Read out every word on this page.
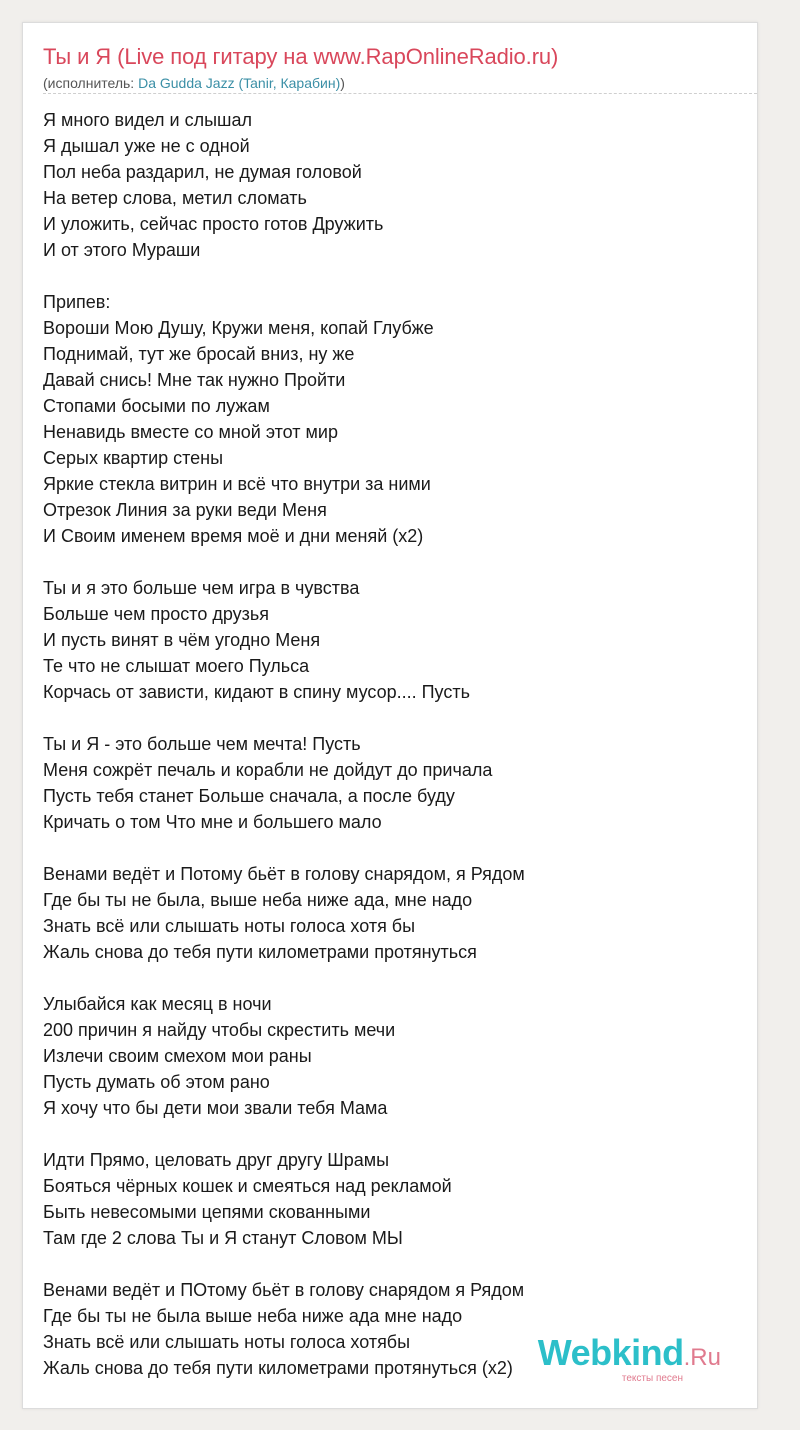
Ты и Я (Live под гитару на www.RapOnlineRadio.ru)
(исполнитель: Da Gudda Jazz (Tanir, Карабин))
Я много видел и слышал
Я дышал уже не с одной
Пол неба раздарил, не думая головой
На ветер слова, метил сломать
И уложить, сейчас просто готов Дружить
И от этого Мураши
Припев:
Вороши Мою Душу, Кружи меня, копай Глубже
Поднимай, тут же бросай вниз, ну же
Давай снись! Мне так нужно Пройти
Стопами босыми по лужам
Ненавидь вместе со мной этот мир
Серых квартир стены
Яркие стекла витрин и всё что внутри за ними
Отрезок Линия за руки веди Меня
И Своим именем время моё и дни меняй (x2)
Ты и я это больше чем игра в чувства
Больше чем просто друзья
И пусть винят в чём угодно Меня
Те что не слышат моего Пульса
Корчась от зависти, кидают в спину мусор.... Пусть
Ты и Я - это больше чем мечта! Пусть
Меня сожрёт печаль и корабли не дойдут до причала
Пусть тебя станет Больше сначала, а после буду
Кричать о том Что мне и большего мало
Венами ведёт и Потому бьёт в голову снарядом, я Рядом
Где бы ты не была, выше неба ниже ада, мне надо
Знать всё или слышать ноты голоса хотя бы
Жаль снова до тебя пути километрами протянуться
Улыбайся как месяц в ночи
200 причин я найду чтобы скрестить мечи
Излечи своим смехом мои раны
Пусть думать об этом рано
Я хочу что бы дети мои звали тебя Мама
Идти Прямо, целовать друг другу Шрамы
Бояться чёрных кошек и смеяться над рекламой
Быть невесомыми цепями скованными
Там где 2 слова Ты и Я станут Словом МЫ
Венами ведёт и ПОтому бьёт в голову снарядом я Рядом
Где бы ты не была выше неба ниже ада мне надо
Знать всё или слышать ноты голоса хотябы
Жаль снова до тебя пути километрами протянуться (x2) Webkind.Ru
тексты песен
